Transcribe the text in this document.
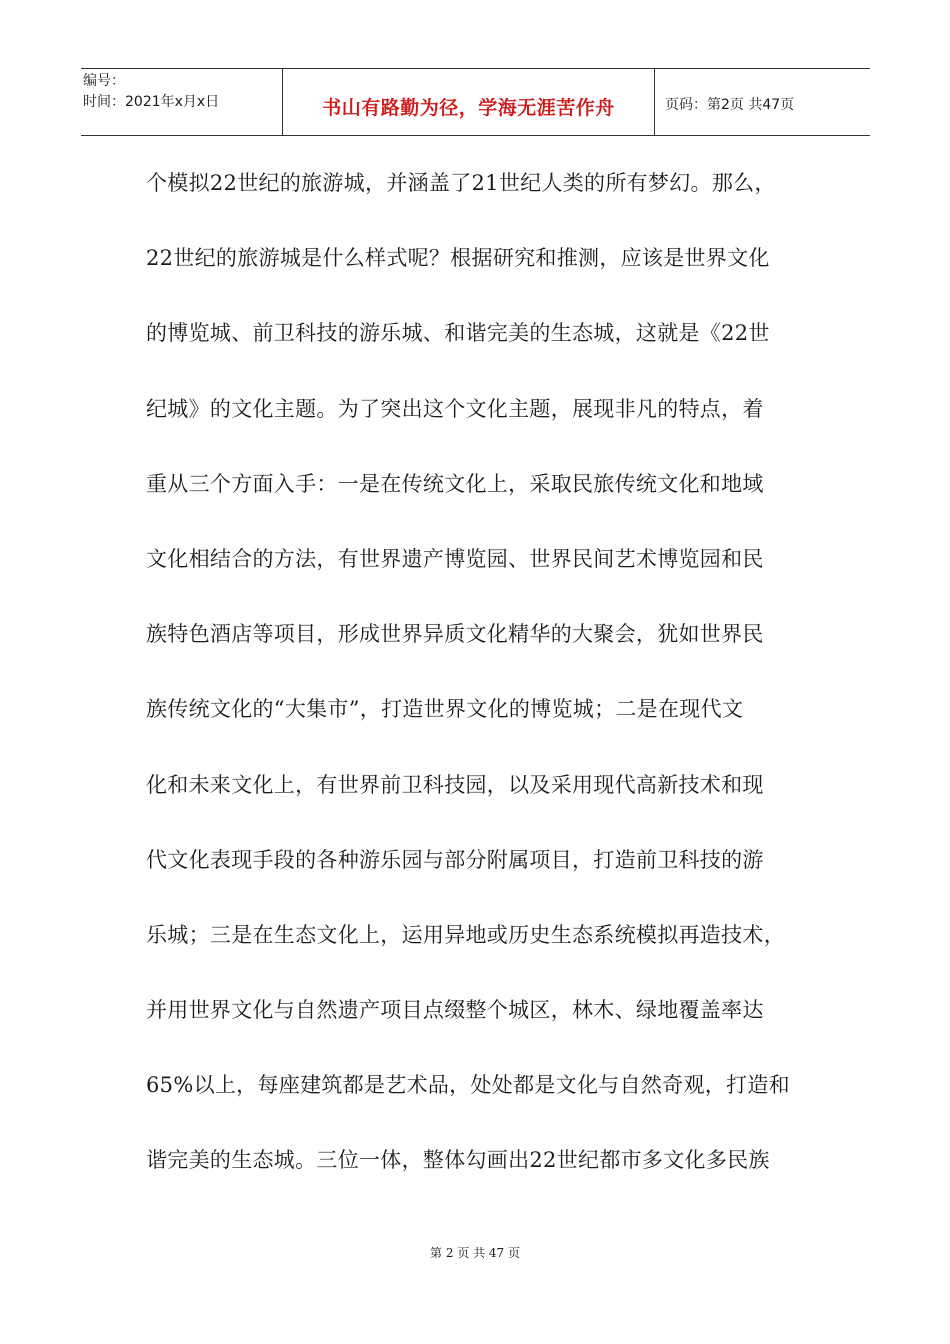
编号：
时间：2021年x月x日	书山有路勤为径，学海无涯苦作舟	页码：第2页 共47页
个模拟22世纪的旅游城，并涵盖了21世纪人类的所有梦幻。那么，
22世纪的旅游城是什么样式呢？根据研究和推测，应该是世界文化
的博览城、前卫科技的游乐城、和谐完美的生态城，这就是《22世
纪城》的文化主题。为了突出这个文化主题，展现非凡的特点，着
重从三个方面入手：一是在传统文化上，采取民旅传统文化和地域
文化相结合的方法，有世界遗产博览园、世界民间艺术博览园和民
族特色酒店等项目，形成世界异质文化精华的大聚会，犹如世界民
族传统文化的“大集市”，打造世界文化的博览城；二是在现代文
化和未来文化上，有世界前卫科技园，以及采用现代高新技术和现
代文化表现手段的各种游乐园与部分附属项目，打造前卫科技的游
乐城；三是在生态文化上，运用异地或历史生态系统模拟再造技术，
并用世界文化与自然遗产项目点缀整个城区，林木、绿地覆盖率达
65%以上，每座建筑都是艺术品，处处都是文化与自然奇观，打造和
谐完美的生态城。三位一体，整体勾画出22世纪都市多文化多民族
第 2 页 共 47 页
